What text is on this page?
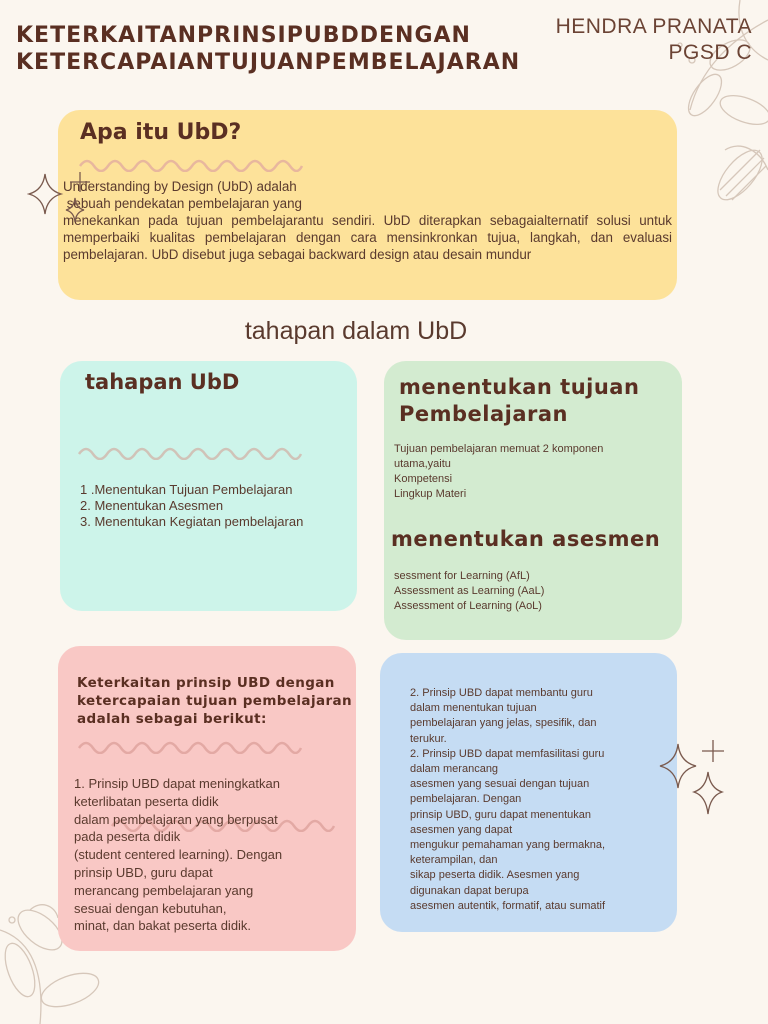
KETERKAITANPRINSIPUBDDENGAN
KETERCAPAIANTUJUANPEMBELAJARAN
HENDRA PRANATA
PGSD C
Apa itu UbD?
Understanding by Design (UbD) adalah
sebuah pendekatan pembelajaran yang
menekankan pada tujuan pembelajarantu sendiri. UbD diterapkan sebagaialternatif solusi untuk memperbaiki kualitas pembelajaran dengan cara mensinkronkan tujua, langkah, dan evaluasi pembelajaran. UbD disebut juga sebagai backward design atau desain mundur
tahapan dalam UbD
tahapan UbD
1 .Menentukan Tujuan Pembelajaran
2. Menentukan Asesmen
3. Menentukan Kegiatan pembelajaran
menentukan tujuan
Pembelajaran
Tujuan pembelajaran memuat 2 komponen
utama,yaitu
Kompetensi
Lingkup Materi
menentukan asesmen
sessment for Learning (AfL)
Assessment as Learning (AaL)
Assessment of Learning (AoL)
Keterkaitan prinsip UBD dengan
ketercapaian tujuan pembelajaran
adalah sebagai berikut:
1. Prinsip UBD dapat meningkatkan
keterlibatan peserta didik
dalam pembelajaran yang berpusat
pada peserta didik
(student centered learning). Dengan
prinsip UBD, guru dapat
merancang pembelajaran yang
sesuai dengan kebutuhan,
minat, dan bakat peserta didik.
2. Prinsip UBD dapat membantu guru
dalam menentukan tujuan
pembelajaran yang jelas, spesifik, dan
terukur.
2. Prinsip UBD dapat memfasilitasi guru
dalam merancang
asesmen yang sesuai dengan tujuan
pembelajaran. Dengan
prinsip UBD, guru dapat menentukan
asesmen yang dapat
mengukur pemahaman yang bermakna,
keterampilan, dan
sikap peserta didik. Asesmen yang
digunakan dapat berupa
asesmen autentik, formatif, atau sumatif
